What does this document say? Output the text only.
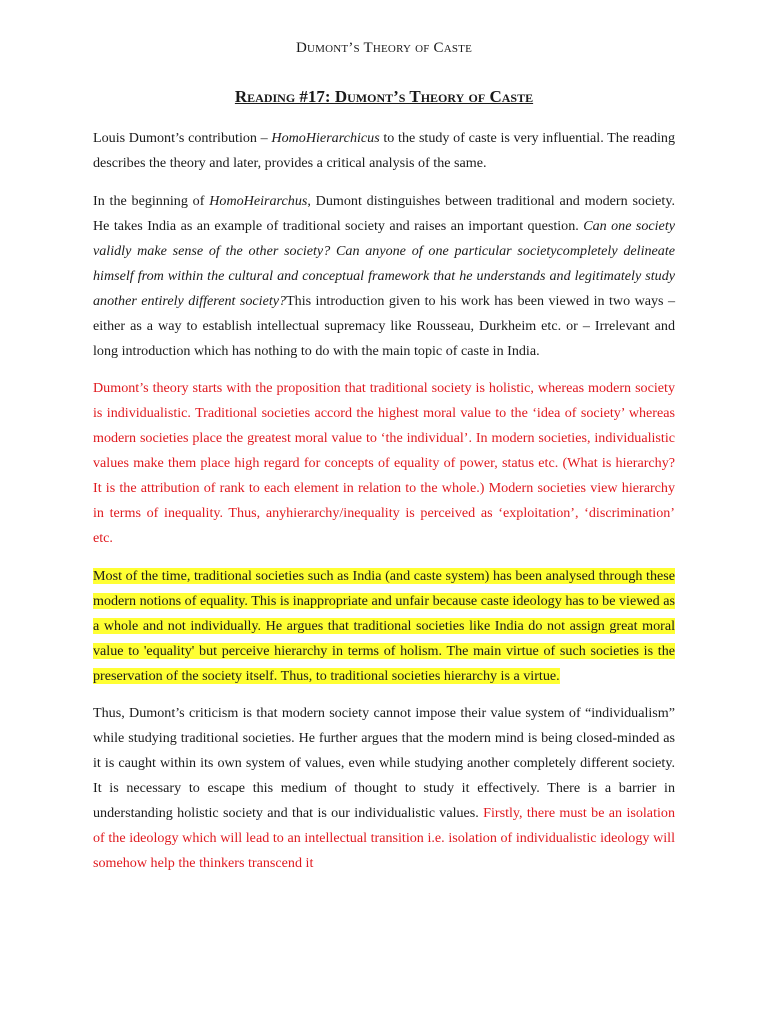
Dumont’s Theory of Caste
Reading #17: Dumont’s Theory of Caste

Louis Dumont’s contribution – HomoHierarchicus to the study of caste is very influential. The reading describes the theory and later, provides a critical analysis of the same.

In the beginning of HomoHeirarchus, Dumont distinguishes between traditional and modern society. He takes India as an example of traditional society and raises an important question. Can one society validly make sense of the other society? Can anyone of one particular societycompletely delineate himself from within the cultural and conceptual framework that he understands and legitimately study another entirely different society?This introduction given to his work has been viewed in two ways – either as a way to establish intellectual supremacy like Rousseau, Durkheim etc. or – Irrelevant and long introduction which has nothing to do with the main topic of caste in India.

Dumont’s theory starts with the proposition that traditional society is holistic, whereas modern society is individualistic. Traditional societies accord the highest moral value to the ‘idea of society’ whereas modern societies place the greatest moral value to ‘the individual’. In modern societies, individualistic values make them place high regard for concepts of equality of power, status etc. (What is hierarchy? It is the attribution of rank to each element in relation to the whole.) Modern societies view hierarchy in terms of inequality. Thus, anyhierarchy/inequality is perceived as ‘exploitation’, ‘discrimination’ etc.

Most of the time, traditional societies such as India (and caste system) has been analysed through these modern notions of equality. This is inappropriate and unfair because caste ideology has to be viewed as a whole and not individually. He argues that traditional societies like India do not assign great moral value to 'equality' but perceive hierarchy in terms of holism. The main virtue of such societies is the preservation of the society itself. Thus, to traditional societies hierarchy is a virtue.

Thus, Dumont’s criticism is that modern society cannot impose their value system of “individualism” while studying traditional societies. He further argues that the modern mind is being closed-minded as it is caught within its own system of values, even while studying another completely different society. It is necessary to escape this medium of thought to study it effectively. There is a barrier in understanding holistic society and that is our individualistic values. Firstly, there must be an isolation of the ideology which will lead to an intellectual transition i.e. isolation of individualistic ideology will somehow help the thinkers transcend it
